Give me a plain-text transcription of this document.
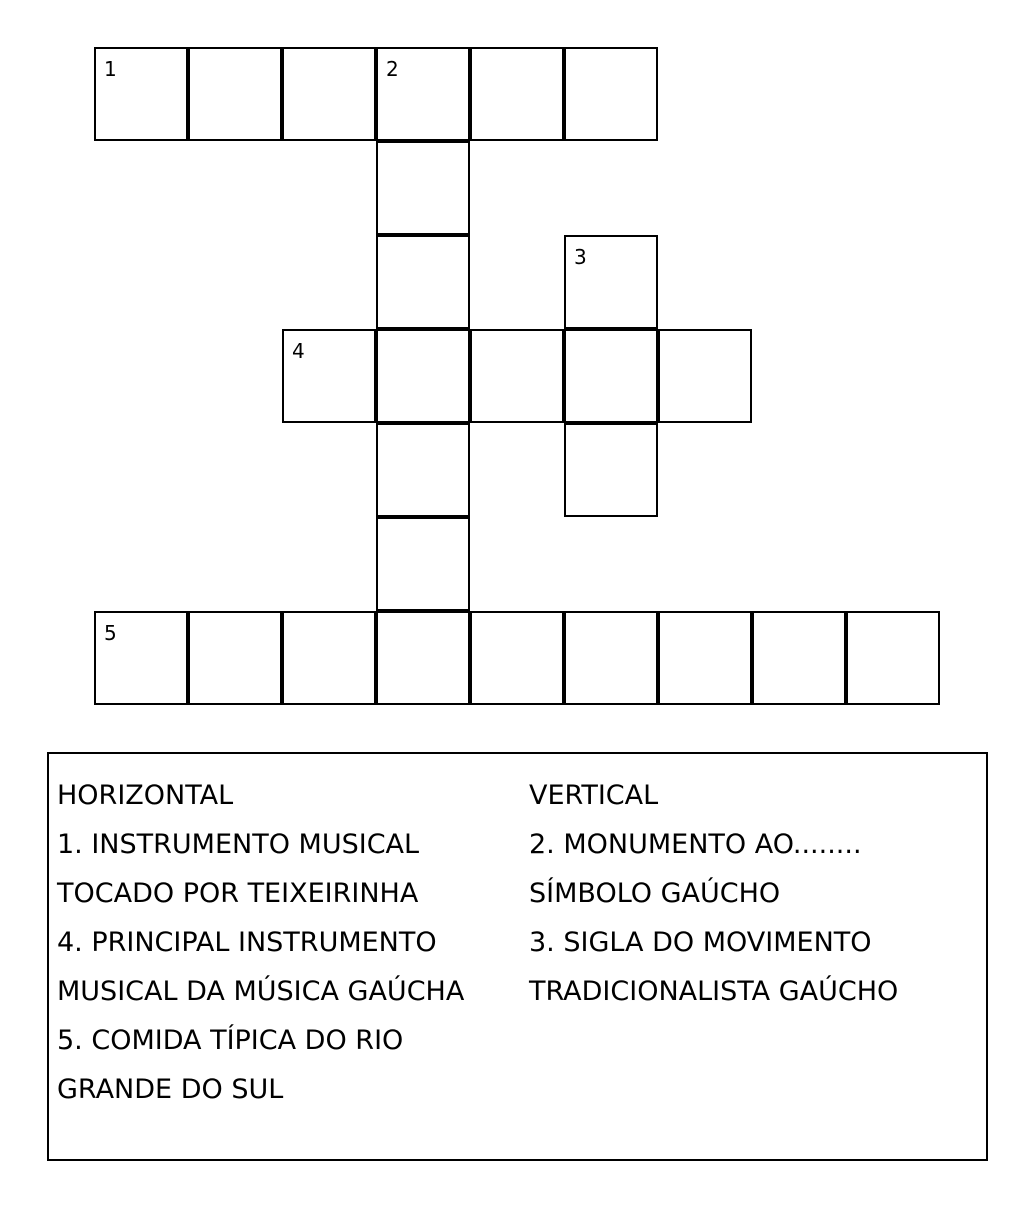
1	2
3
4
5
HORIZONTAL
1. INSTRUMENTO MUSICAL
TOCADO POR TEIXEIRINHA
4. PRINCIPAL INSTRUMENTO
MUSICAL DA MÚSICA GAÚCHA
5. COMIDA TÍPICA DO RIO
GRANDE DO SUL
VERTICAL
2. MONUMENTO AO........
SÍMBOLO GAÚCHO
3. SIGLA DO MOVIMENTO
TRADICIONALISTA GAÚCHO
